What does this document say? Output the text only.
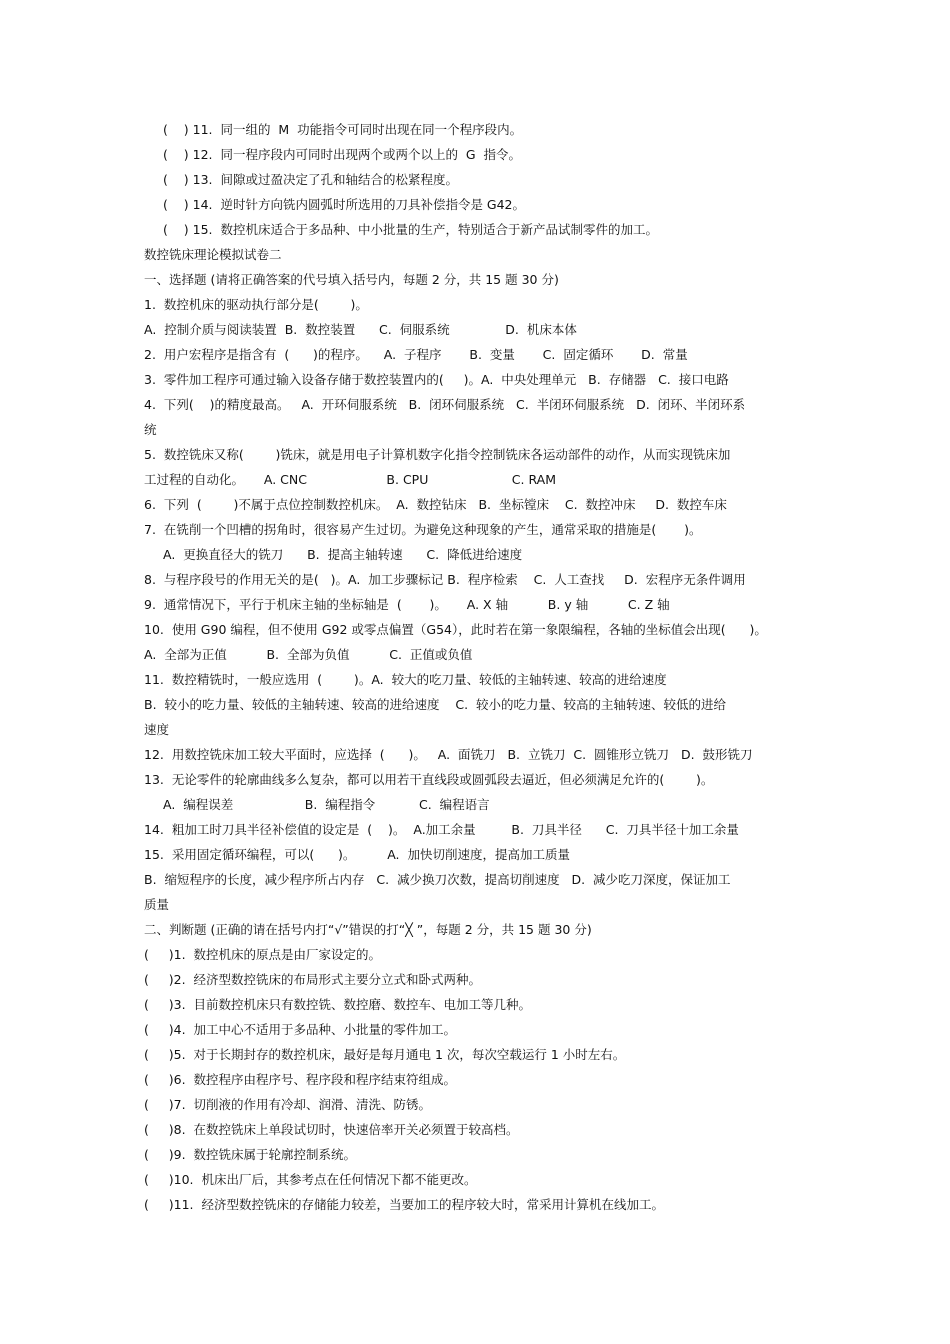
(    ) 11.  同一组的  M  功能指令可同时出现在同一个程序段内。
(    ) 12.  同一程序段内可同时出现两个或两个以上的  G  指令。
(    ) 13.  间隙或过盈决定了孔和轴结合的松紧程度。
(    ) 14.  逆时针方向铣内圆弧时所选用的刀具补偿指令是 G42。
(    ) 15.  数控机床适合于多品种、中小批量的生产，特别适合于新产品试制零件的加工。
数控铣床理论模拟试卷二
一、选择题 (请将正确答案的代号填入括号内，每题 2 分，共 15 题 30 分)
1.  数控机床的驱动执行部分是(        )。
A.  控制介质与阅读装置  B.  数控装置      C.  伺服系统              D.  机床本体
2.  用户宏程序是指含有  (      )的程序。    A.  子程序       B.  变量       C.  固定循环       D.  常量
3.  零件加工程序可通过输入设备存储于数控装置内的(     )。A.  中央处理单元   B.  存储器   C.  接口电路
4.  下列(    )的精度最高。   A.  开环伺服系统   B.  闭环伺服系统   C.  半闭环伺服系统   D.  闭环、半闭环系
统
5.  数控铣床又称(        )铣床，就是用电子计算机数字化指令控制铣床各运动部件的动作，从而实现铣床加
工过程的自动化。     A. CNC                    B. CPU                     C. RAM
6.  下列  (        )不属于点位控制数控机床。  A.  数控钻床   B.  坐标镗床    C.  数控冲床     D.  数控车床
7.  在铣削一个凹槽的拐角时，很容易产生过切。为避免这种现象的产生，通常采取的措施是(       )。
A.  更换直径大的铣刀      B.  提高主轴转速      C.  降低进给速度
8.  与程序段号的作用无关的是(   )。A.  加工步骤标记 B.  程序检索    C.  人工查找     D.  宏程序无条件调用
9.  通常情况下，平行于机床主轴的坐标轴是  (       )。     A. X 轴          B. y 轴          C. Z 轴
10.  使用 G90 编程，但不使用 G92 或零点偏置（G54），此时若在第一象限编程，各轴的坐标值会出现(      )。
A.  全部为正值          B.  全部为负值          C.  正值或负值
11.  数控精铣时，一般应选用  (        )。A.  较大的吃刀量、较低的主轴转速、较高的进给速度
B.  较小的吃力量、较低的主轴转速、较高的进给速度    C.  较小的吃力量、较高的主轴转速、较低的进给
速度
12.  用数控铣床加工较大平面时，应选择  (      )。   A.  面铣刀   B.  立铣刀  C.  圆锥形立铣刀   D.  鼓形铣刀
13.  无论零件的轮廓曲线多么复杂，都可以用若干直线段或圆弧段去逼近，但必须满足允许的(        )。
A.  编程误差                  B.  编程指令           C.  编程语言
14.  粗加工时刀具半径补偿值的设定是  (    )。  A.加工余量         B.  刀具半径      C.  刀具半径十加工余量
15.  采用固定循环编程，可以(      )。        A.  加快切削速度，提高加工质量
B.  缩短程序的长度，减少程序所占内存   C.  减少换刀次数，提高切削速度   D.  减少吃刀深度，保证加工
质量
二、判断题 (正确的请在括号内打“√”错误的打“╳ ”，每题 2 分，共 15 题 30 分)
(     )1.  数控机床的原点是由厂家设定的。
(     )2.  经济型数控铣床的布局形式主要分立式和卧式两种。
(     )3.  目前数控机床只有数控铣、数控磨、数控车、电加工等几种。
(     )4.  加工中心不适用于多品种、小批量的零件加工。
(     )5.  对于长期封存的数控机床，最好是每月通电 1 次，每次空载运行 1 小时左右。
(     )6.  数控程序由程序号、程序段和程序结束符组成。
(     )7.  切削液的作用有冷却、润滑、清洗、防锈。
(     )8.  在数控铣床上单段试切时，快速倍率开关必须置于较高档。
(     )9.  数控铣床属于轮廓控制系统。
(     )10.  机床出厂后，其参考点在任何情况下都不能更改。
(     )11.  经济型数控铣床的存储能力较差，当要加工的程序较大时，常采用计算机在线加工。
